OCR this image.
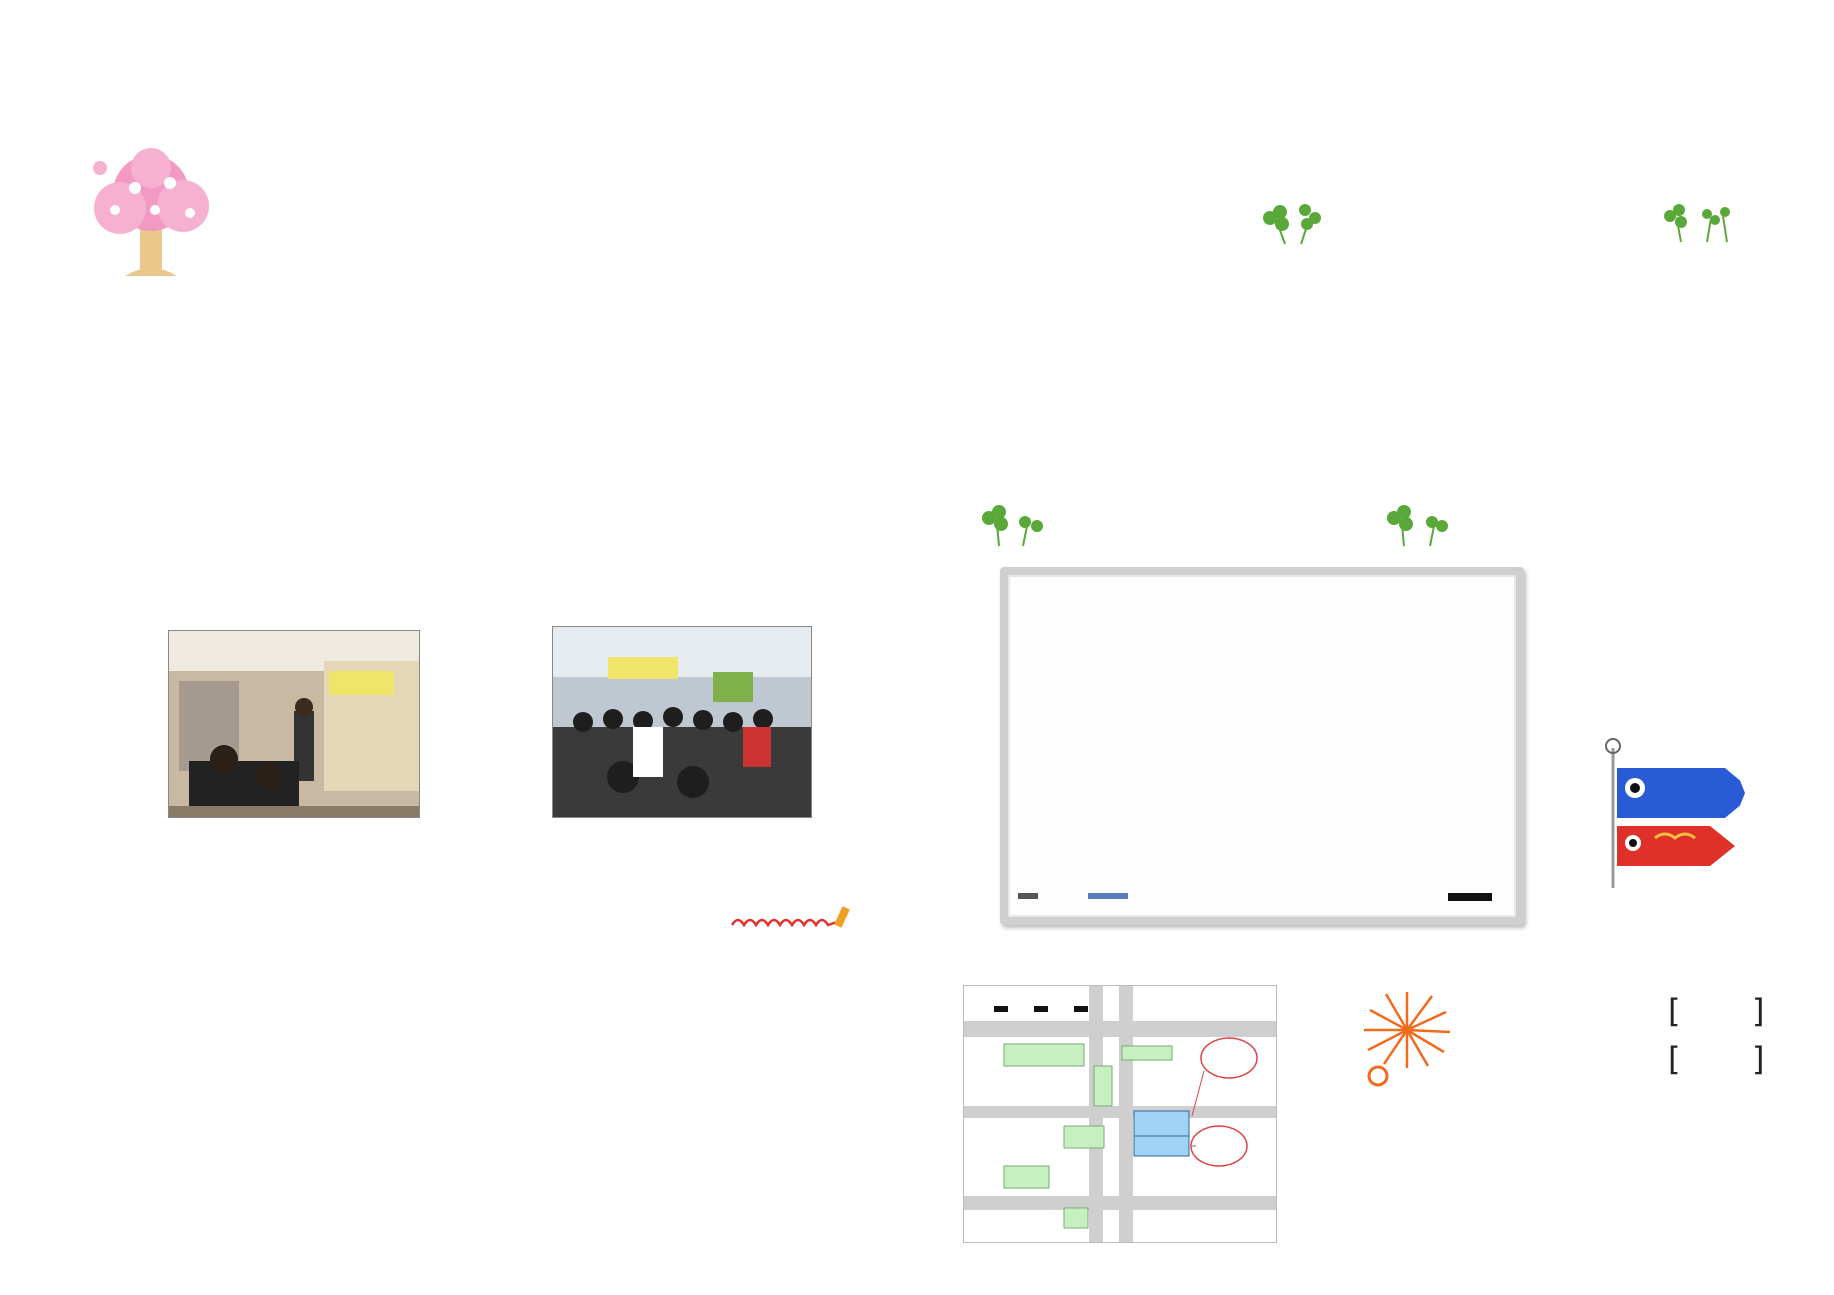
[ ]
[ ]
